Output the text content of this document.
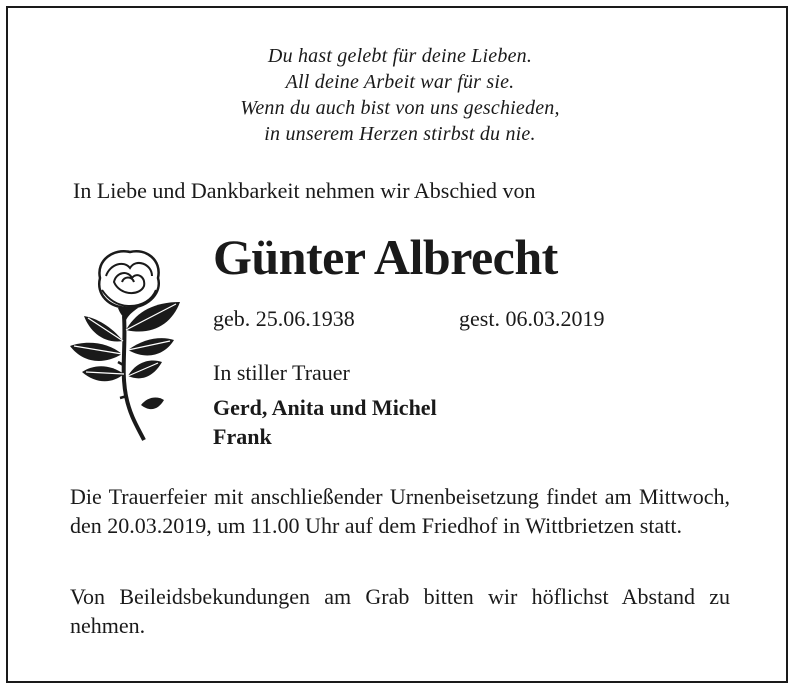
Du hast gelebt für deine Lieben.
All deine Arbeit war für sie.
Wenn du auch bist von uns geschieden,
in unserem Herzen stirbst du nie.
In Liebe und Dankbarkeit nehmen wir Abschied von
Günter Albrecht
geb. 25.06.1938	gest. 06.03.2019
In stiller Trauer
Gerd, Anita und Michel
Frank
Die Trauerfeier mit anschließender Urnenbeisetzung findet am Mittwoch, den 20.03.2019, um 11.00 Uhr auf dem Friedhof in Wittbrietzen statt.
Von Beileidsbekundungen am Grab bitten wir höflichst Abstand zu nehmen.
